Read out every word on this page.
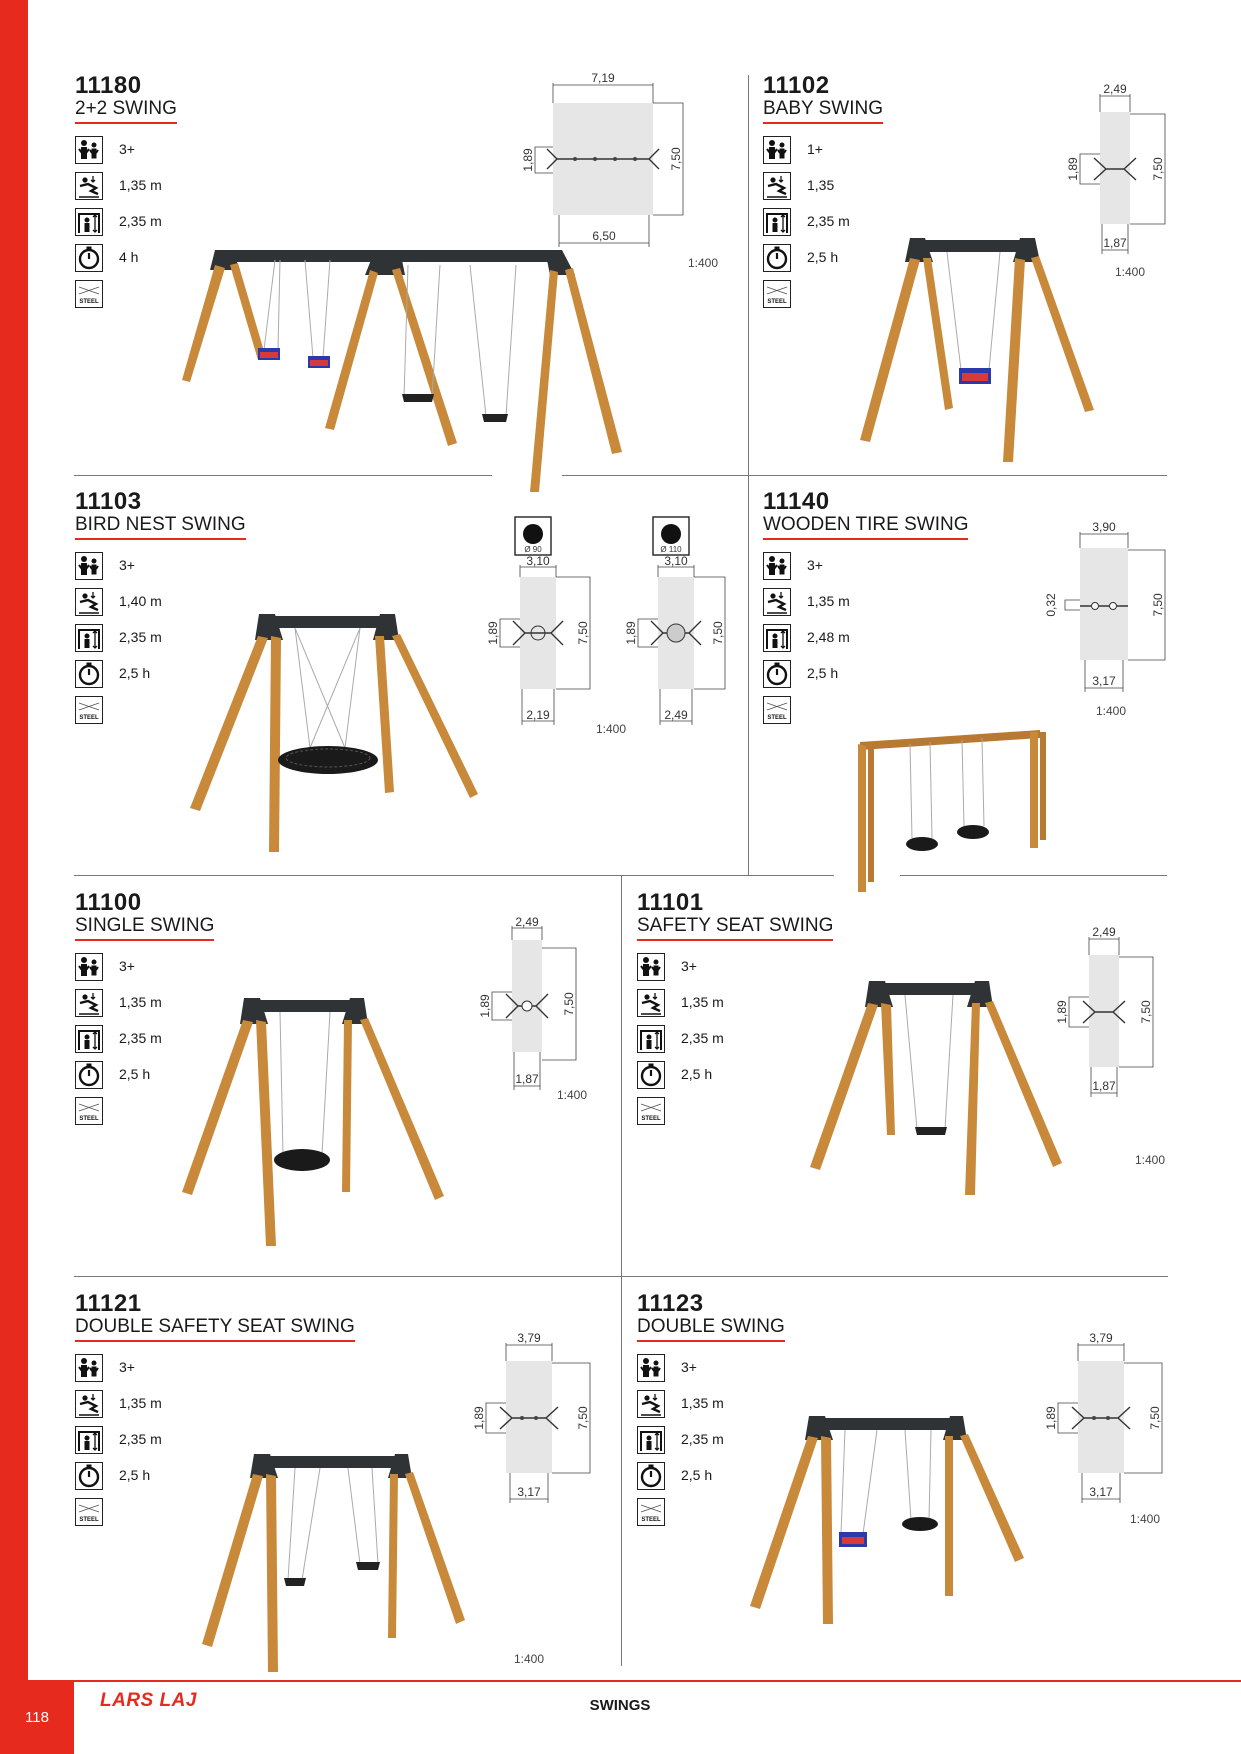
118
LARS LAJ	SWINGS
11180
2+2 SWING
3+
1,35 m
2,35 m
4 h
7,19
7,50
1,89
6,50
1:400
11102
BABY SWING
1+
1,35
2,35 m
2,5 h
2,49
7,50
1,89
1,87
1:400
11103
BIRD NEST SWING
3+
1,40 m
2,35 m
2,5 h
Ø 90
3,10
7,50
1,89
2,19
Ø 110
3,10
7,50
1,89
2,49
1:400
11140
WOODEN TIRE SWING
3+
1,35 m
2,48 m
2,5 h
3,90
7,50
0,32
3,17
1:400
11100
SINGLE SWING
3+
1,35 m
2,35 m
2,5 h
2,49
7,50
1,89
1,87
1:400
11101
SAFETY SEAT SWING
3+
1,35 m
2,35 m
2,5 h
2,49
7,50
1,89
1,87
1:400
11121
DOUBLE SAFETY SEAT SWING
3+
1,35 m
2,35 m
2,5 h
3,79
7,50
1,89
3,17
1:400
11123
DOUBLE SWING
3+
1,35 m
2,35 m
2,5 h
3,79
7,50
1,89
3,17
1:400
